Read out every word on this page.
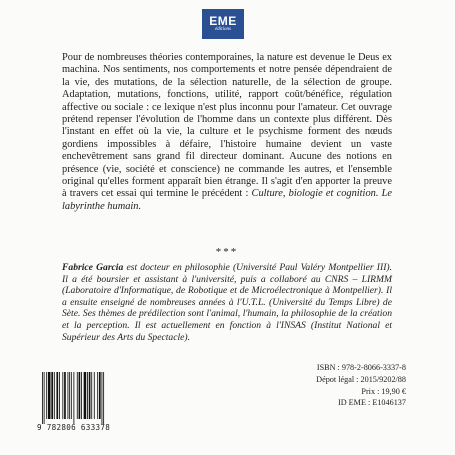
EME
éditions

Pour de nombreuses théories contemporaines, la nature est devenue le Deus ex machina. Nos sentiments, nos comportements et notre pensée dépendraient de la vie, des mutations, de la sélection naturelle, de la sélection de groupe. Adaptation, mutations, fonctions, utilité, rapport coût/bénéfice, régulation affective ou sociale : ce lexique n'est plus inconnu pour l'amateur. Cet ouvrage prétend repenser l'évolution de l'homme dans un contexte plus différent. Dès l'instant en effet où la vie, la culture et le psychisme forment des nœuds gordiens impossibles à défaire, l'histoire humaine devient un vaste enchevêtrement sans grand fil directeur dominant. Aucune des notions en présence (vie, société et conscience) ne commande les autres, et l'ensemble original qu'elles forment apparaît bien étrange. Il s'agit d'en apporter la preuve à travers cet essai qui termine le précédent : Culture, biologie et cognition. Le labyrinthe humain.

***
Fabrice Garcia est docteur en philosophie (Université Paul Valéry Montpellier III). Il a été boursier et assistant à l'université, puis a collaboré au CNRS – LIRMM (Laboratoire d'Informatique, de Robotique et de Microélectronique à Montpellier). Il a ensuite enseigné de nombreuses années à l'U.T.L. (Université du Temps Libre) de Sète. Ses thèmes de prédilection sont l'animal, l'humain, la philosophie de la création et la perception. Il est actuellement en fonction à l'INSAS (Institut National et Supérieur des Arts du Spectacle).
ISBN : 978-2-8066-3337-8
Dépot légal : 2015/9202/88
Prix : 19,90 €
ID EME : E1046137
9 782806 633378
